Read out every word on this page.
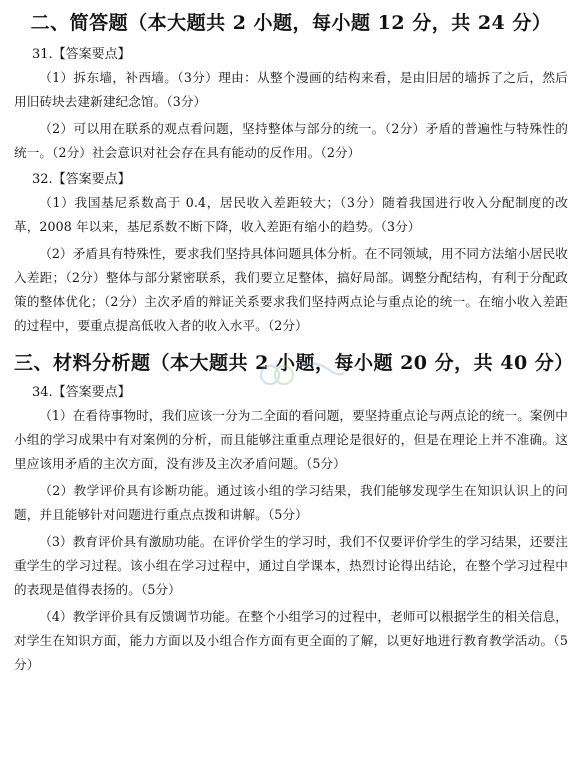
二、简答题（本大题共 2 小题，每小题 12 分，共 24 分）
31.【答案要点】

（1）拆东墙，补西墙。（3分）理由：从整个漫画的结构来看，是由旧居的墙拆了之后，然后用旧砖块去建新建纪念馆。（3分）

（2）可以用在联系的观点看问题，坚持整体与部分的统一。（2分）矛盾的普遍性与特殊性的统一。（2分）社会意识对社会存在具有能动的反作用。（2分）

32.【答案要点】

（1）我国基尼系数高于 0.4，居民收入差距较大；（3分）随着我国进行收入分配制度的改革，2008 年以来，基尼系数不断下降，收入差距有缩小的趋势。（3分）

（2）矛盾具有特殊性，要求我们坚持具体问题具体分析。在不同领域，用不同方法缩小居民收入差距；（2分）整体与部分紧密联系，我们要立足整体，搞好局部。调整分配结构，有利于分配政策的整体优化；（2分）主次矛盾的辩证关系要求我们坚持两点论与重点论的统一。在缩小收入差距的过程中，要重点提高低收入者的收入水平。（2分）

三、材料分析题（本大题共 2 小题，每小题 20 分，共 40 分）
34.【答案要点】

（1）在看待事物时，我们应该一分为二全面的看问题，要坚持重点论与两点论的统一。案例中小组的学习成果中有对案例的分析，而且能够注重重点理论是很好的，但是在理论上并不准确。这里应该用矛盾的主次方面，没有涉及主次矛盾问题。（5分）

（2）教学评价具有诊断功能。通过该小组的学习结果，我们能够发现学生在知识认识上的问题，并且能够针对问题进行重点点拨和讲解。（5分）

（3）教育评价具有激励功能。在评价学生的学习时，我们不仅要评价学生的学习结果，还要注重学生的学习过程。该小组在学习过程中，通过自学课本，热烈讨论得出结论，在整个学习过程中的表现是值得表扬的。（5分）

（4）教学评价具有反馈调节功能。在整个小组学习的过程中，老师可以根据学生的相关信息，对学生在知识方面，能力方面以及小组合作方面有更全面的了解，以更好地进行教育教学活动。（5分）
